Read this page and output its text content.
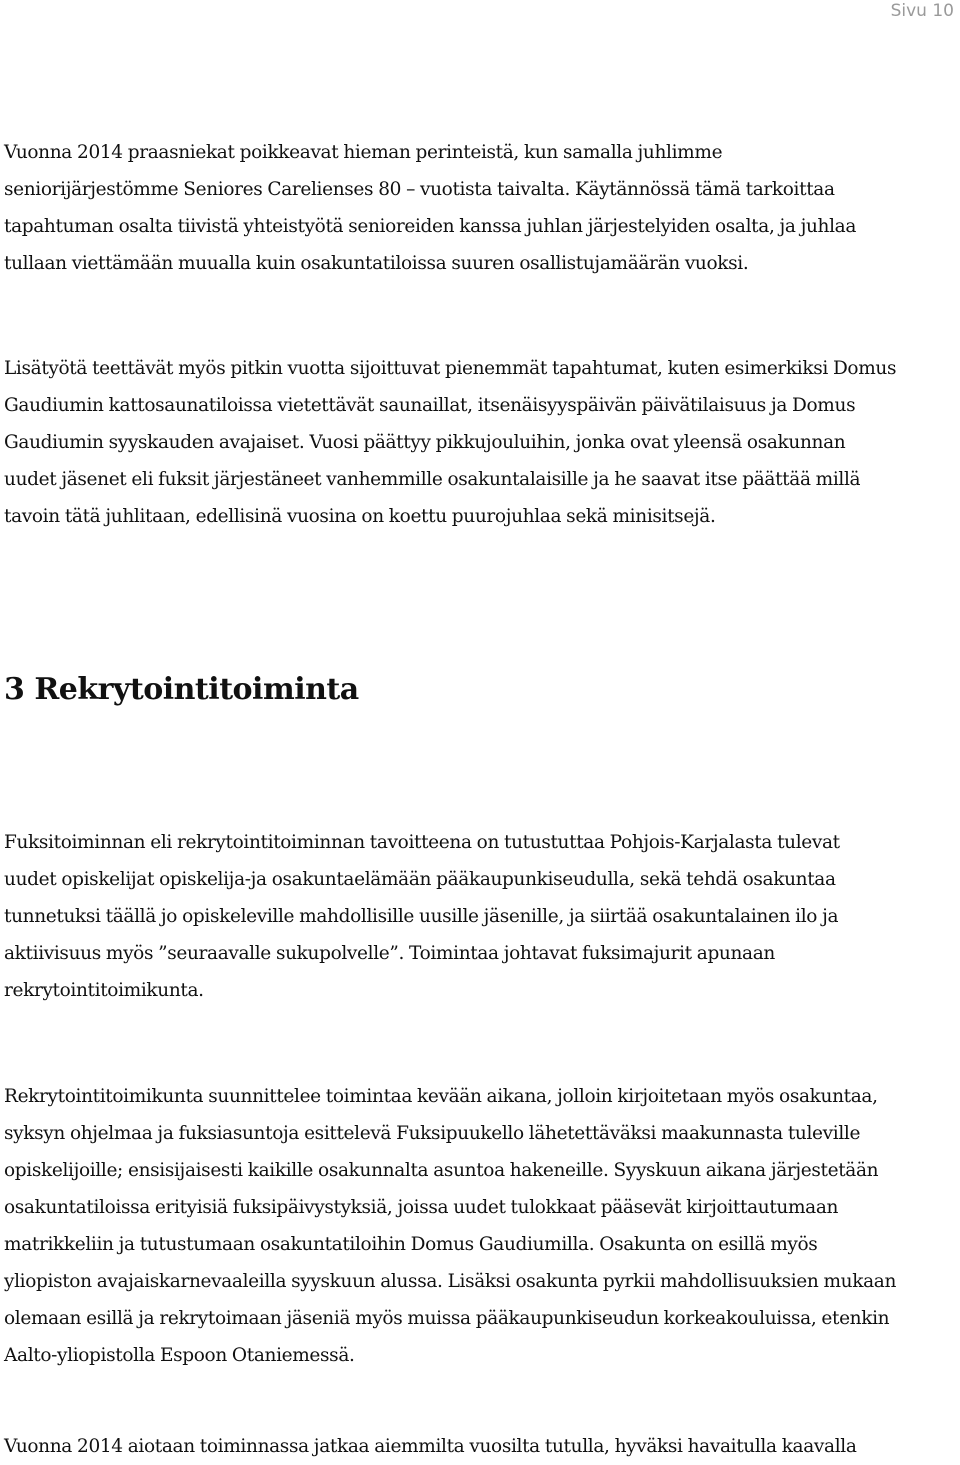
Sivu 10

Vuonna 2014 praasniekat poikkeavat hieman perinteistä, kun samalla juhlimme
seniorijärjestömme Seniores Carelienses 80 – vuotista taivalta. Käytännössä tämä tarkoittaa
tapahtuman osalta tiivistä yhteistyötä senioreiden kanssa juhlan järjestelyiden osalta, ja juhlaa
tullaan viettämään muualla kuin osakuntatiloissa suuren osallistujamäärän vuoksi.

Lisätyötä teettävät myös pitkin vuotta sijoittuvat pienemmät tapahtumat, kuten esimerkiksi Domus
Gaudiumin kattosaunatiloissa vietettävät saunaillat, itsenäisyyspäivän päivätilaisuus ja Domus
Gaudiumin syyskauden avajaiset. Vuosi päättyy pikkujouluihin, jonka ovat yleensä osakunnan
uudet jäsenet eli fuksit järjestäneet vanhemmille osakuntalaisille ja he saavat itse päättää millä
tavoin tätä juhlitaan, edellisinä vuosina on koettu puurojuhlaa sekä minisitsejä.

3 Rekrytointitoiminta

Fuksitoiminnan eli rekrytointitoiminnan tavoitteena on tutustuttaa Pohjois-Karjalasta tulevat
uudet opiskelijat opiskelija-ja osakuntaelämään pääkaupunkiseudulla, sekä tehdä osakuntaa
tunnetuksi täällä jo opiskeleville mahdollisille uusille jäsenille, ja siirtää osakuntalainen ilo ja
aktiivisuus myös ”seuraavalle sukupolvelle”. Toimintaa johtavat fuksimajurit apunaan
rekrytointitoimikunta.

Rekrytointitoimikunta suunnittelee toimintaa kevään aikana, jolloin kirjoitetaan myös osakuntaa,
syksyn ohjelmaa ja fuksiasuntoja esittelevä Fuksipuukello lähetettäväksi maakunnasta tuleville
opiskelijoille; ensisijaisesti kaikille osakunnalta asuntoa hakeneille. Syyskuun aikana järjestetään
osakuntatiloissa erityisiä fuksipäivystyksiä, joissa uudet tulokkaat pääsevät kirjoittautumaan
matrikkeliin ja tutustumaan osakuntatiloihin Domus Gaudiumilla. Osakunta on esillä myös
yliopiston avajaiskarnevaaleilla syyskuun alussa. Lisäksi osakunta pyrkii mahdollisuuksien mukaan
olemaan esillä ja rekrytoimaan jäseniä myös muissa pääkaupunkiseudun korkeakouluissa, etenkin
Aalto-yliopistolla Espoon Otaniemessä.

Vuonna 2014 aiotaan toiminnassa jatkaa aiemmilta vuosilta tutulla, hyväksi havaitulla kaavalla
